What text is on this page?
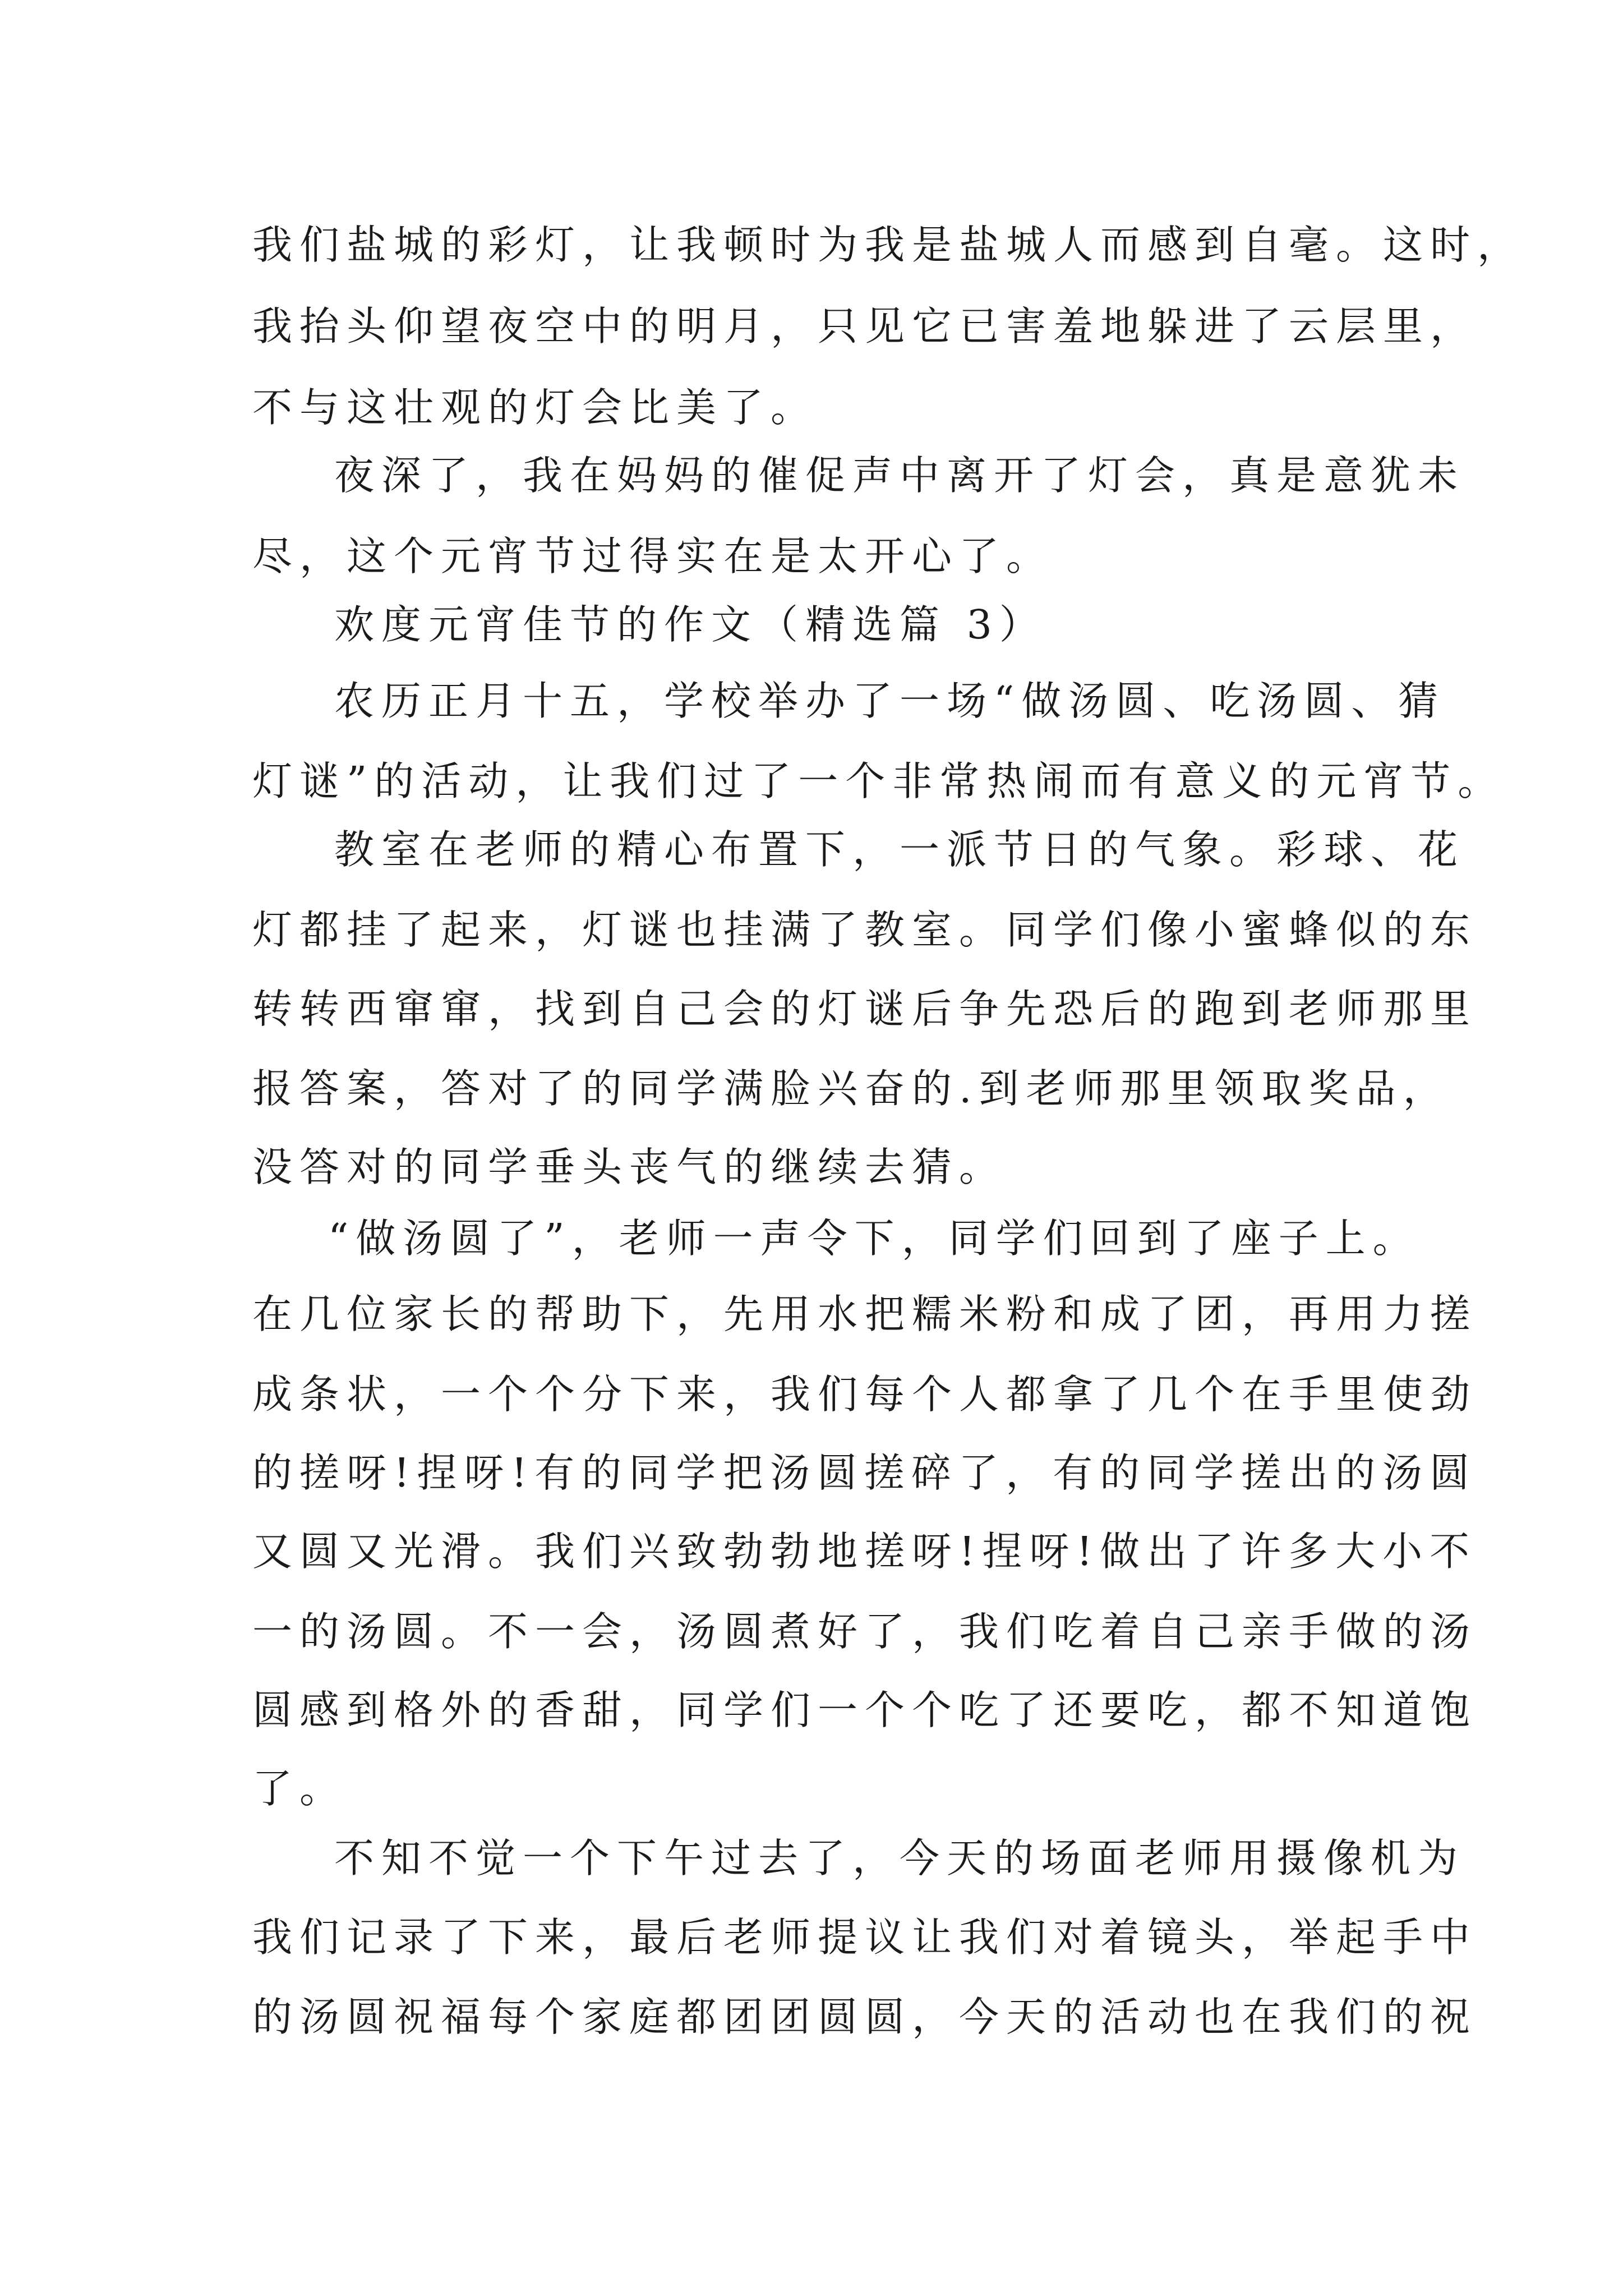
我们盐城的彩灯，让我顿时为我是盐城人而感到自毫。这时，
我抬头仰望夜空中的明月，只见它已害羞地躲进了云层里，
不与这壮观的灯会比美了。
夜深了，我在妈妈的催促声中离开了灯会，真是意犹未
尽，这个元宵节过得实在是太开心了。
欢度元宵佳节的作文（精选篇 3）
农历正月十五，学校举办了一场“做汤圆、吃汤圆、猜
灯谜”的活动，让我们过了一个非常热闹而有意义的元宵节。
教室在老师的精心布置下，一派节日的气象。彩球、花
灯都挂了起来，灯谜也挂满了教室。同学们像小蜜蜂似的东
转转西窜窜，找到自己会的灯谜后争先恐后的跑到老师那里
报答案，答对了的同学满脸兴奋的.到老师那里领取奖品，
没答对的同学垂头丧气的继续去猜。
“做汤圆了”，老师一声令下，同学们回到了座子上。
在几位家长的帮助下，先用水把糯米粉和成了团，再用力搓
成条状，一个个分下来，我们每个人都拿了几个在手里使劲
的搓呀!捏呀!有的同学把汤圆搓碎了，有的同学搓出的汤圆
又圆又光滑。我们兴致勃勃地搓呀!捏呀!做出了许多大小不
一的汤圆。不一会，汤圆煮好了，我们吃着自己亲手做的汤
圆感到格外的香甜，同学们一个个吃了还要吃，都不知道饱
了。
不知不觉一个下午过去了，今天的场面老师用摄像机为
我们记录了下来，最后老师提议让我们对着镜头，举起手中
的汤圆祝福每个家庭都团团圆圆，今天的活动也在我们的祝
